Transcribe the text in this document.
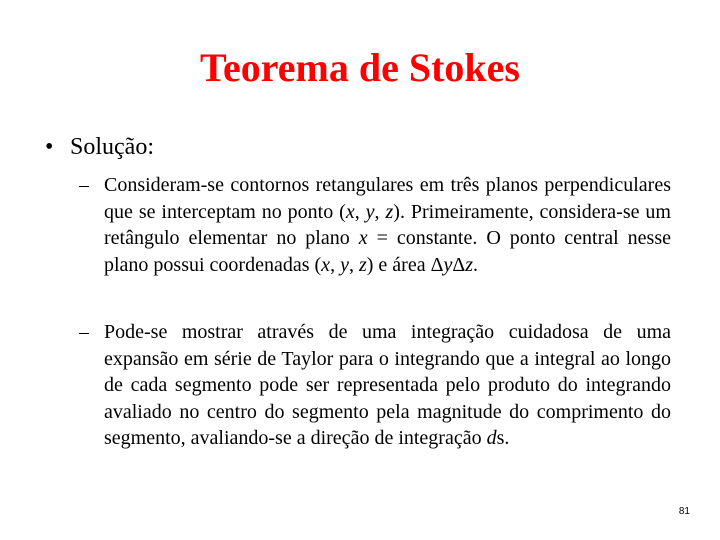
Teorema de Stokes
• Solução:
– Consideram-se contornos retangulares em três planos perpendiculares que se interceptam no ponto (x, y, z). Primeiramente, considera-se um retângulo elementar no plano x = constante. O ponto central nesse plano possui coordenadas (x, y, z) e área ΔyΔz.
– Pode-se mostrar através de uma integração cuidadosa de uma expansão em série de Taylor para o integrando que a integral ao longo de cada segmento pode ser representada pelo produto do integrando avaliado no centro do segmento pela magnitude do comprimento do segmento, avaliando-se a direção de integração ds.
81
